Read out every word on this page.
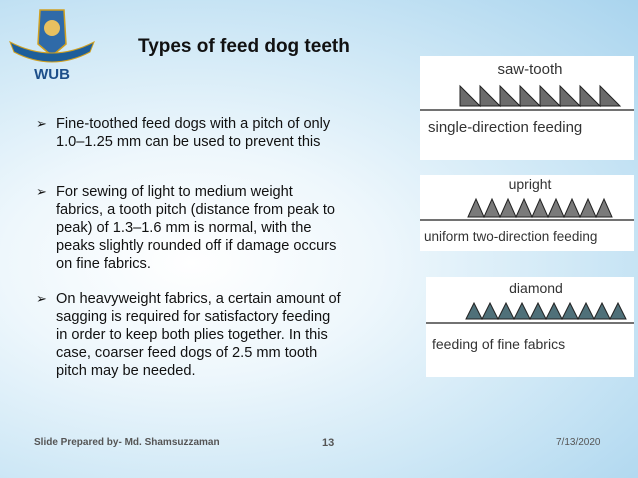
WUB
Types of feed dog teeth
➢ Fine-toothed feed dogs with a pitch of only 1.0–1.25 mm can be used to prevent this
➢ For sewing of light to medium weight fabrics, a tooth pitch (distance from peak to peak) of 1.3–1.6 mm is normal, with the peaks slightly rounded off if damage occurs on fine fabrics.
➢ On heavyweight fabrics, a certain amount of sagging is required for satisfactory feeding in order to keep both plies together. In this case, coarser feed dogs of 2.5 mm tooth pitch may be needed.
saw-tooth
single-direction feeding
upright
uniform two-direction feeding
diamond
feeding of fine fabrics
Slide Prepared by- Md. Shamsuzzaman	13	7/13/2020
